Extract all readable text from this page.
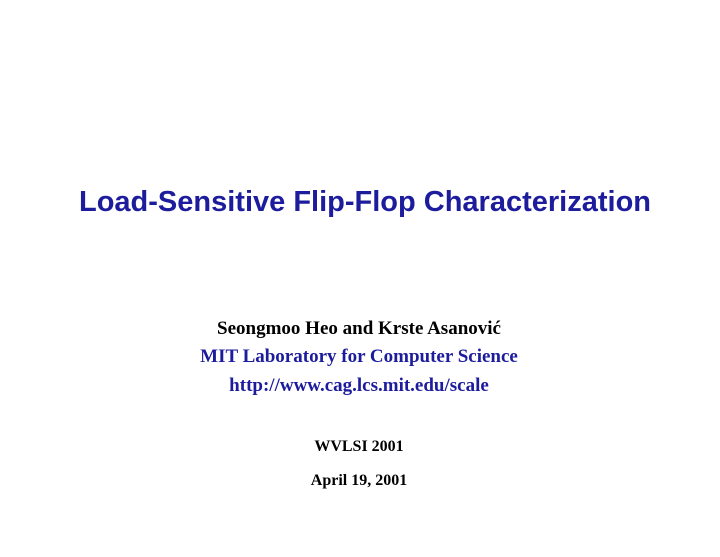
Load-Sensitive Flip-Flop Characterization
Seongmoo Heo and Krste Asanović
MIT Laboratory for Computer Science
http://www.cag.lcs.mit.edu/scale
WVLSI 2001
April 19, 2001
